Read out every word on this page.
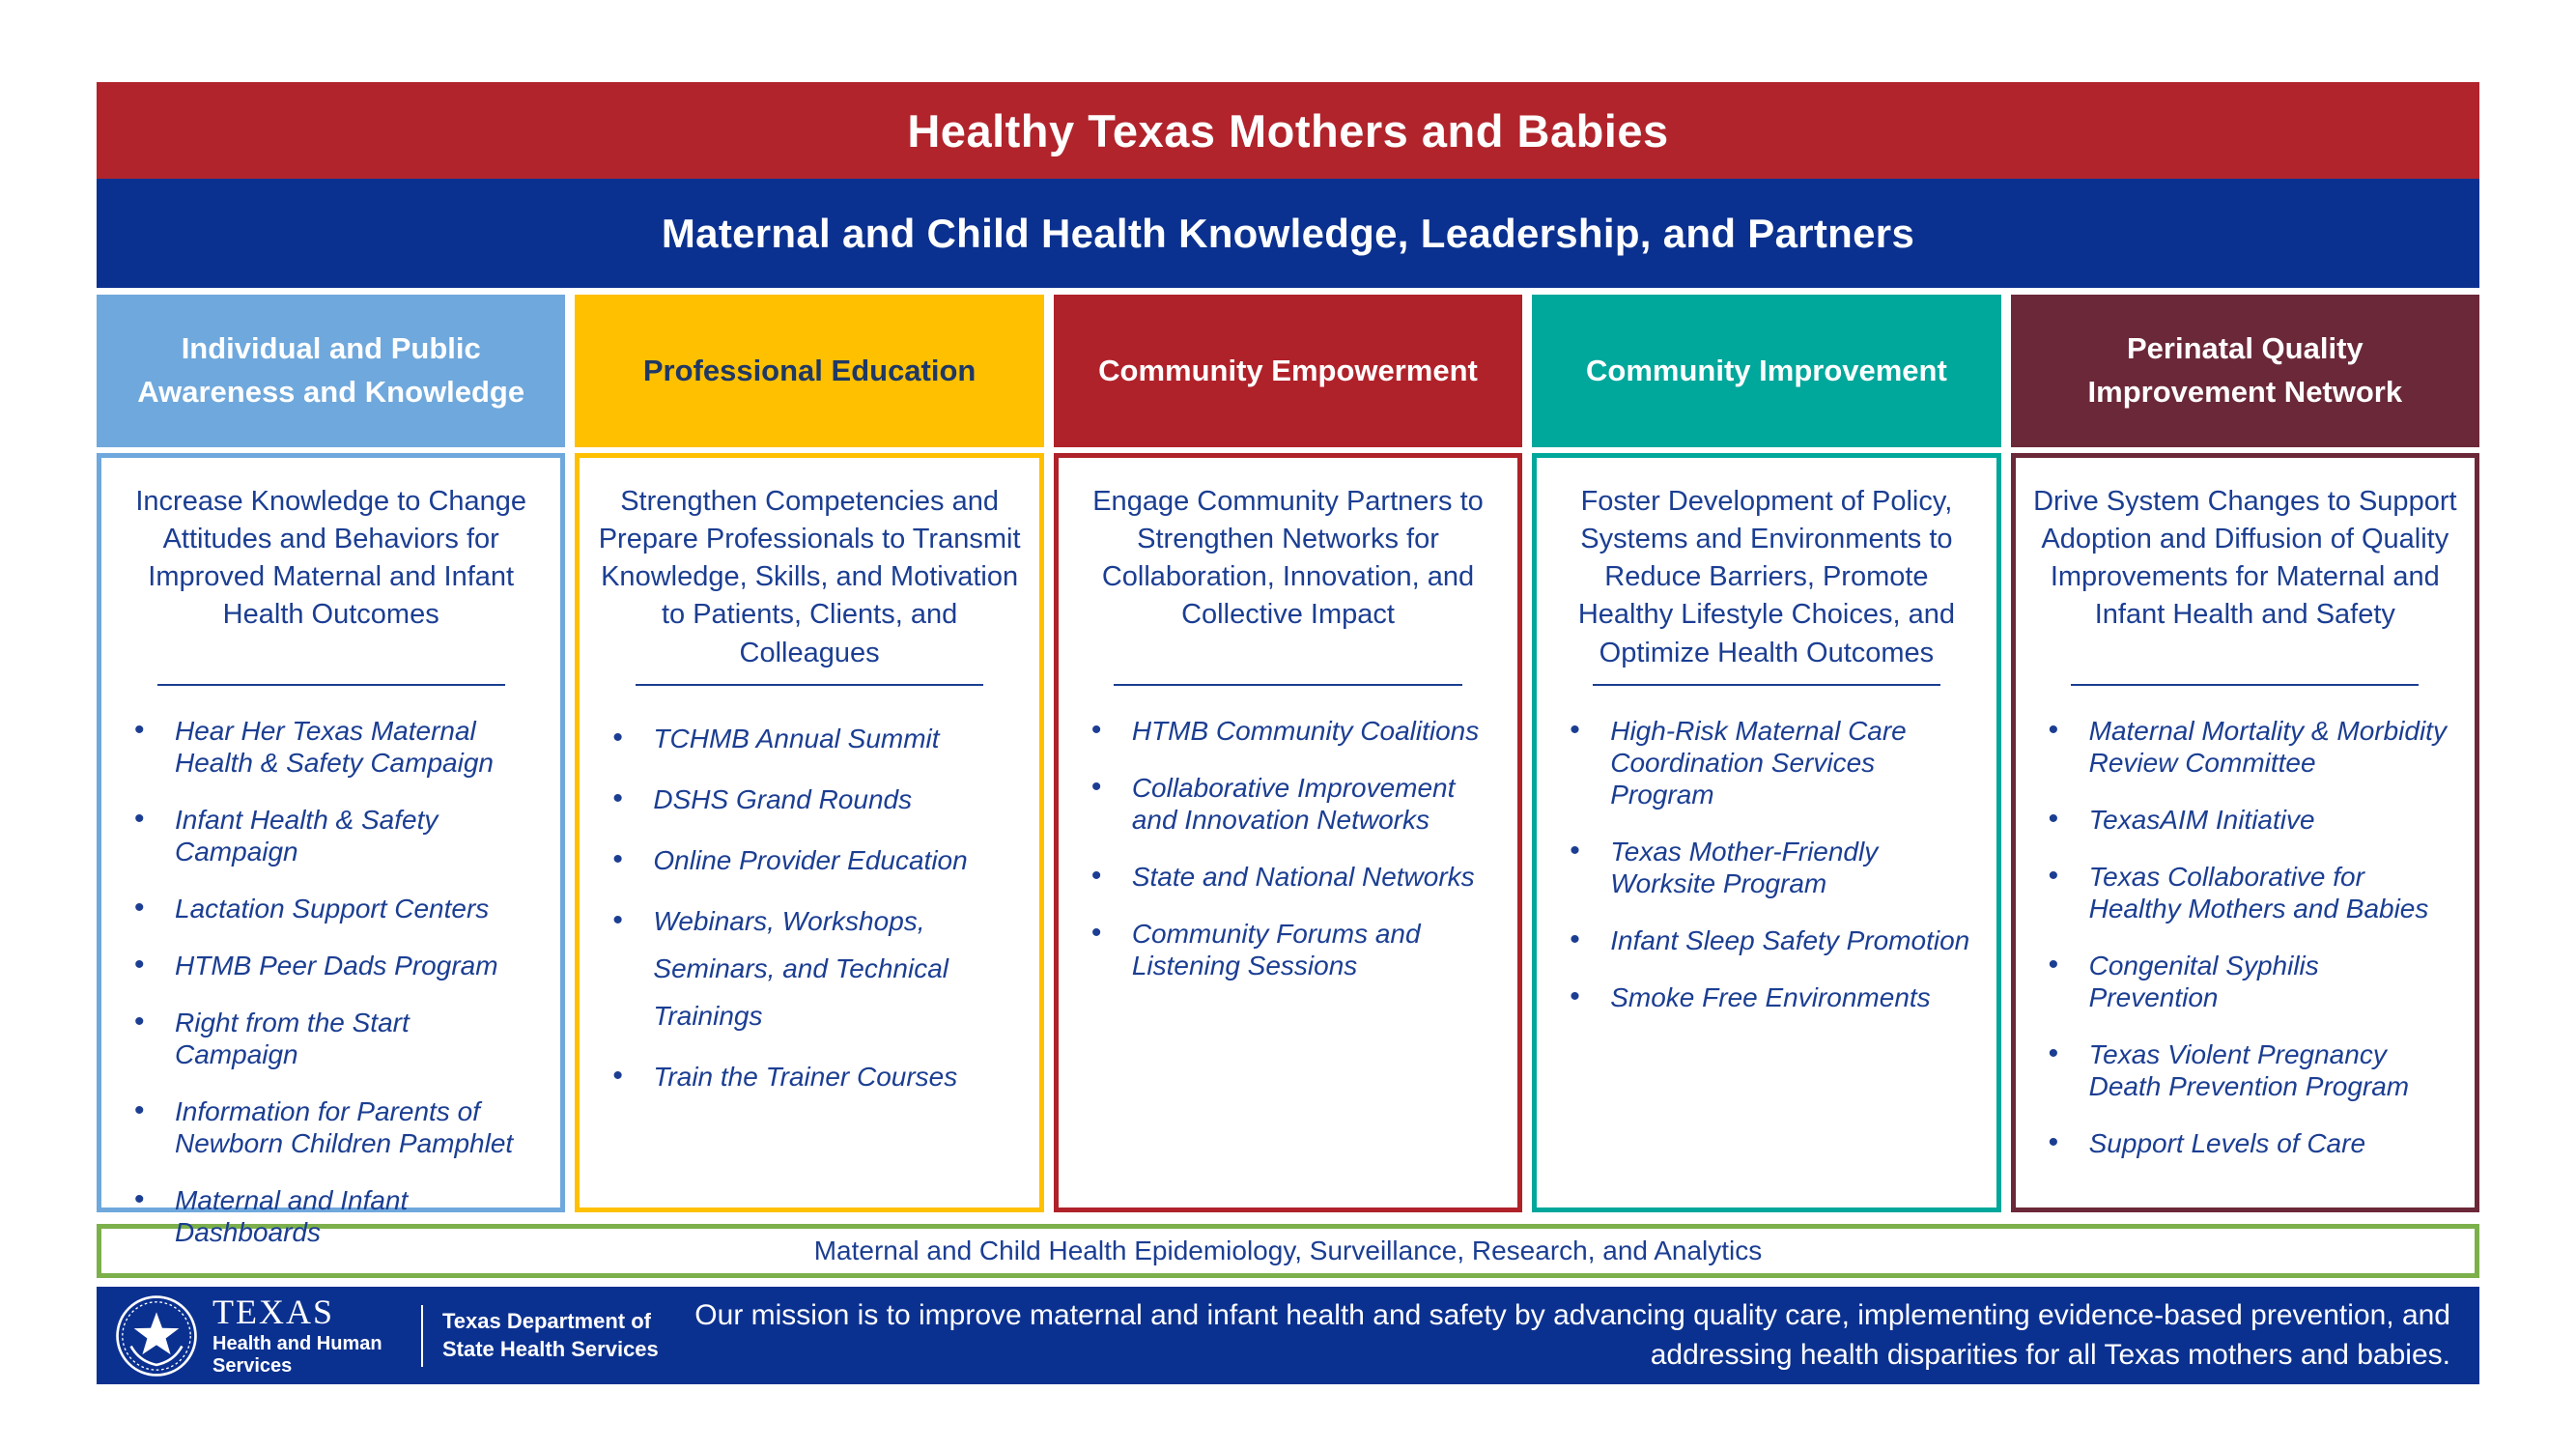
Healthy Texas Mothers and Babies
Maternal and Child Health Knowledge, Leadership, and Partners
Individual and Public Awareness and Knowledge

Increase Knowledge to Change Attitudes and Behaviors for Improved Maternal and Infant Health Outcomes

• Hear Her Texas Maternal Health & Safety Campaign
• Infant Health & Safety Campaign
• Lactation Support Centers
• HTMB Peer Dads Program
• Right from the Start Campaign
• Information for Parents of Newborn Children Pamphlet
• Maternal and Infant Dashboards
Professional Education

Strengthen Competencies and Prepare Professionals to Transmit Knowledge, Skills, and Motivation to Patients, Clients, and Colleagues

• TCHMB Annual Summit
• DSHS Grand Rounds
• Online Provider Education
• Webinars, Workshops, Seminars, and Technical Trainings
• Train the Trainer Courses
Community Empowerment

Engage Community Partners to Strengthen Networks for Collaboration, Innovation, and Collective Impact

• HTMB Community Coalitions
• Collaborative Improvement and Innovation Networks
• State and National Networks
• Community Forums and Listening Sessions
Community Improvement

Foster Development of Policy, Systems and Environments to Reduce Barriers, Promote Healthy Lifestyle Choices, and Optimize Health Outcomes

• High-Risk Maternal Care Coordination Services Program
• Texas Mother-Friendly Worksite Program
• Infant Sleep Safety Promotion
• Smoke Free Environments
Perinatal Quality Improvement Network

Drive System Changes to Support Adoption and Diffusion of Quality Improvements for Maternal and Infant Health and Safety

• Maternal Mortality & Morbidity Review Committee
• TexasAIM Initiative
• Texas Collaborative for Healthy Mothers and Babies
• Congenital Syphilis Prevention
• Texas Violent Pregnancy Death Prevention Program
• Support Levels of Care
Maternal and Child Health Epidemiology, Surveillance, Research, and Analytics
TEXAS
Health and Human Services
Texas Department of State Health Services
Our mission is to improve maternal and infant health and safety by advancing quality care, implementing evidence-based prevention, and addressing health disparities for all Texas mothers and babies.
